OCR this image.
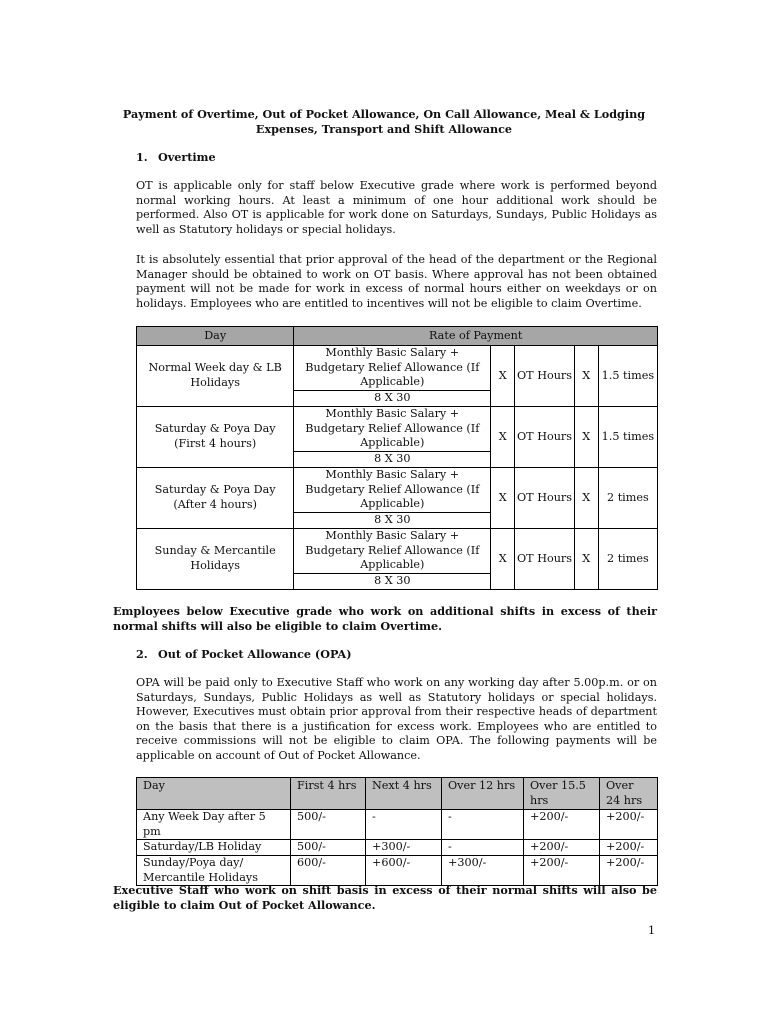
Payment of Overtime, Out of Pocket Allowance, On Call Allowance, Meal & Lodging Expenses, Transport and Shift Allowance
1. Overtime

OT is applicable only for staff below Executive grade where work is performed beyond normal working hours. At least a minimum of one hour additional work should be performed. Also OT is applicable for work done on Saturdays, Sundays, Public Holidays as well as Statutory holidays or special holidays.

It is absolutely essential that prior approval of the head of the department or the Regional Manager should be obtained to work on OT basis. Where approval has not been obtained payment will not be made for work in excess of normal hours either on weekdays or on holidays. Employees who are entitled to incentives will not be eligible to claim Overtime.

Day	Rate of Payment				
Normal Week day & LB Holidays	Monthly Basic Salary + Budgetary Relief Allowance (If Applicable)	X	OT Hours	X	1.5 times
	8 X 30				
Saturday & Poya Day (First 4 hours)	Monthly Basic Salary + Budgetary Relief Allowance (If Applicable)	X	OT Hours	X	1.5 times
	8 X 30				
Saturday & Poya Day (After 4 hours)	Monthly Basic Salary + Budgetary Relief Allowance (If Applicable)	X	OT Hours	X	2 times
	8 X 30				
Sunday & Mercantile Holidays	Monthly Basic Salary + Budgetary Relief Allowance (If Applicable)	X	OT Hours	X	2 times
	8 X 30				

Employees below Executive grade who work on additional shifts in excess of their normal shifts will also be eligible to claim Overtime.

2. Out of Pocket Allowance (OPA)

OPA will be paid only to Executive Staff who work on any working day after 5.00p.m. or on Saturdays, Sundays, Public Holidays as well as Statutory holidays or special holidays. However, Executives must obtain prior approval from their respective heads of department on the basis that there is a justification for excess work. Employees who are entitled to receive commissions will not be eligible to claim OPA. The following payments will be applicable on account of Out of Pocket Allowance.

Day	First 4 hrs	Next 4 hrs	Over 12 hrs	Over 15.5 hrs	Over 24 hrs
Any Week Day after 5 pm	500/-	-	-	+200/-	+200/-
Saturday/LB Holiday	500/-	+300/-	-	+200/-	+200/-
Sunday/Poya day/ Mercantile Holidays	600/-	+600/-	+300/-	+200/-	+200/-

Executive Staff who work on shift basis in excess of their normal shifts will also be eligible to claim Out of Pocket Allowance.

1
